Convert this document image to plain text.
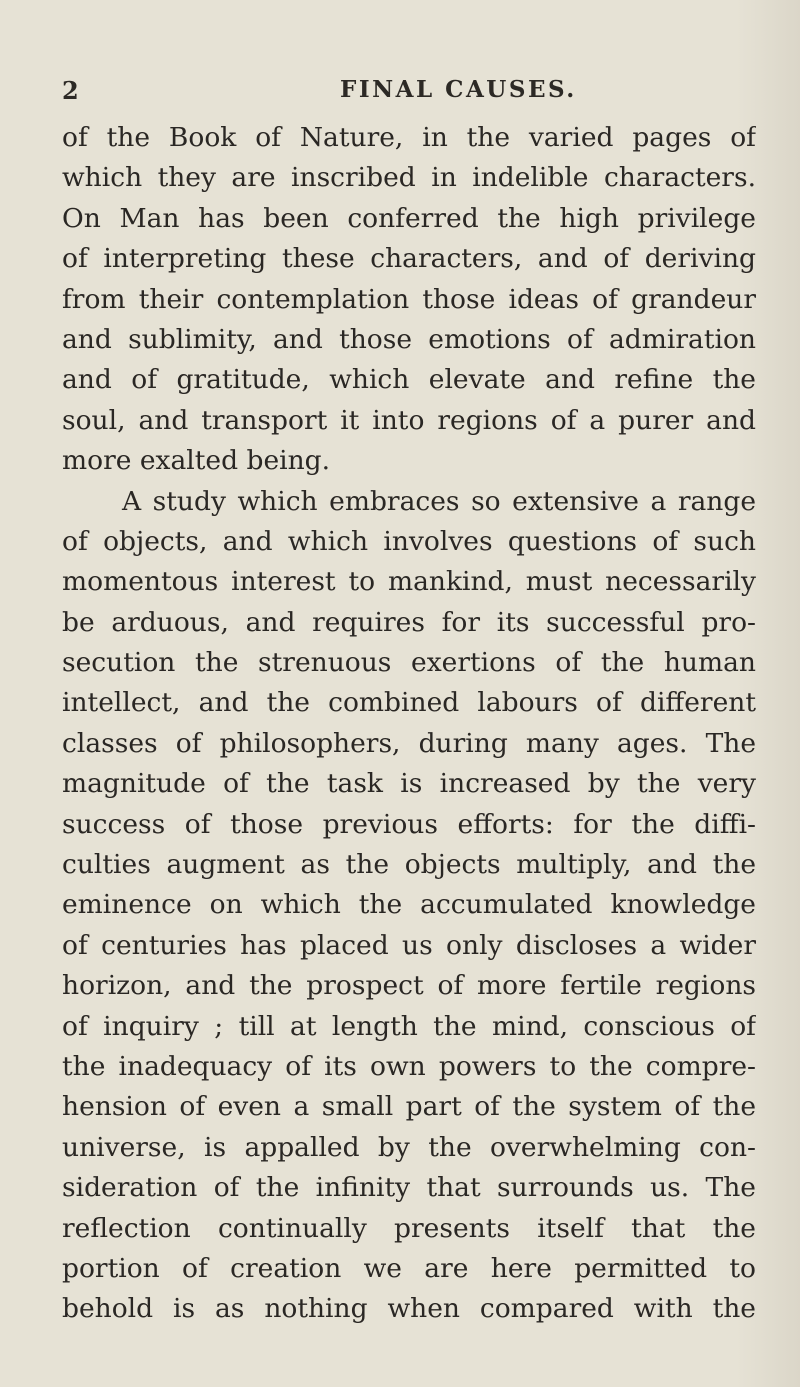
2	FINAL CAUSES.
of the Book of Nature, in the varied pages of
which they are inscribed in indelible characters.
On Man has been conferred the high privilege
of interpreting these characters, and of deriving
from their contemplation those ideas of grandeur
and sublimity, and those emotions of admiration
and of gratitude, which elevate and refine the
soul, and transport it into regions of a purer and
more exalted being.
A study which embraces so extensive a range
of objects, and which involves questions of such
momentous interest to mankind, must necessarily
be arduous, and requires for its successful pro-
secution the strenuous exertions of the human
intellect, and the combined labours of different
classes of philosophers, during many ages. The
magnitude of the task is increased by the very
success of those previous efforts: for the diffi-
culties augment as the objects multiply, and the
eminence on which the accumulated knowledge
of centuries has placed us only discloses a wider
horizon, and the prospect of more fertile regions
of inquiry ; till at length the mind, conscious of
the inadequacy of its own powers to the compre-
hension of even a small part of the system of the
universe, is appalled by the overwhelming con-
sideration of the infinity that surrounds us. The
reflection continually presents itself that the
portion of creation we are here permitted to
behold is as nothing when compared with the
